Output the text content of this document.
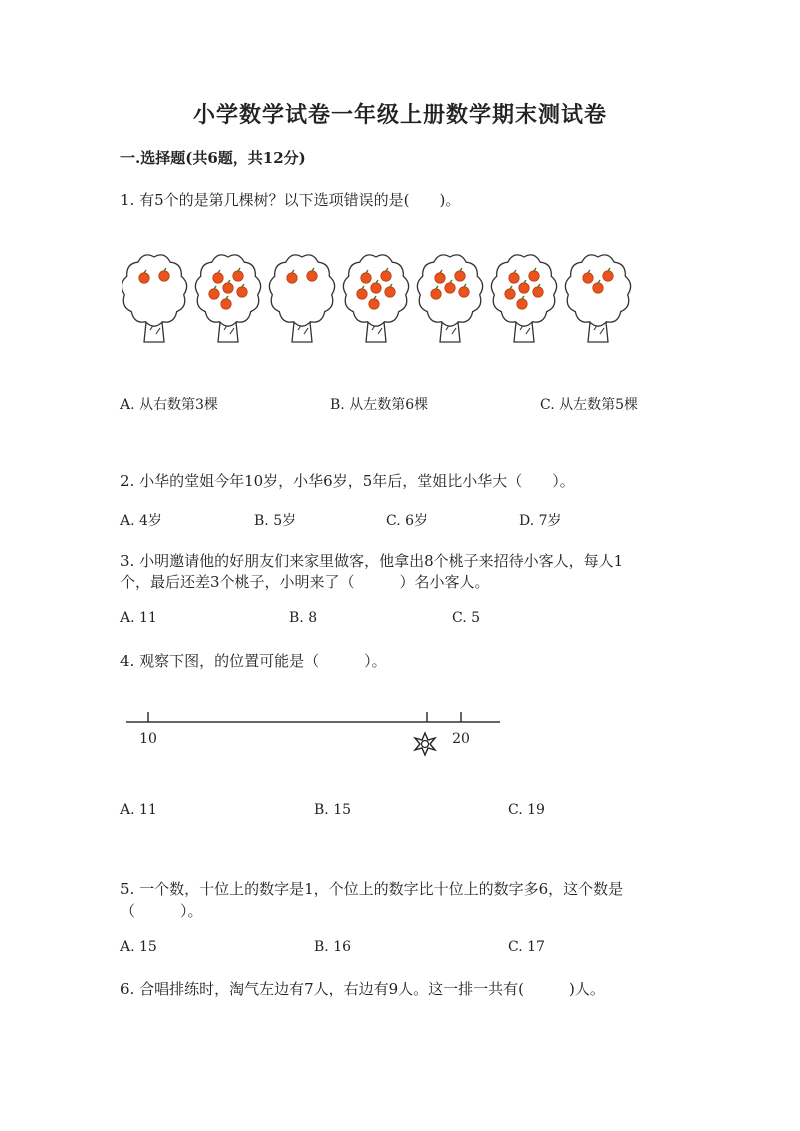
小学数学试卷一年级上册数学期末测试卷
一.选择题(共6题，共12分)
1. 有5个的是第几棵树？以下选项错误的是(　　)。
A. 从右数第3棵	B. 从左数第6棵	C. 从左数第5棵
2. 小华的堂姐今年10岁，小华6岁，5年后，堂姐比小华大（　　）。
A. 4岁	B. 5岁	C. 6岁	D. 7岁
3. 小明邀请他的好朋友们来家里做客，他拿出8个桃子来招待小客人，每人1
个，最后还差3个桃子，小明来了（　　　）名小客人。
A. 11	B. 8	C. 5
4. 观察下图，的位置可能是（　　　）。
10	20
A. 11	B. 15	C. 19
5. 一个数，十位上的数字是1，个位上的数字比十位上的数字多6，这个数是
（　　　）。
A. 15	B. 16	C. 17
6. 合唱排练时，淘气左边有7人，右边有9人。这一排一共有(　　　)人。
